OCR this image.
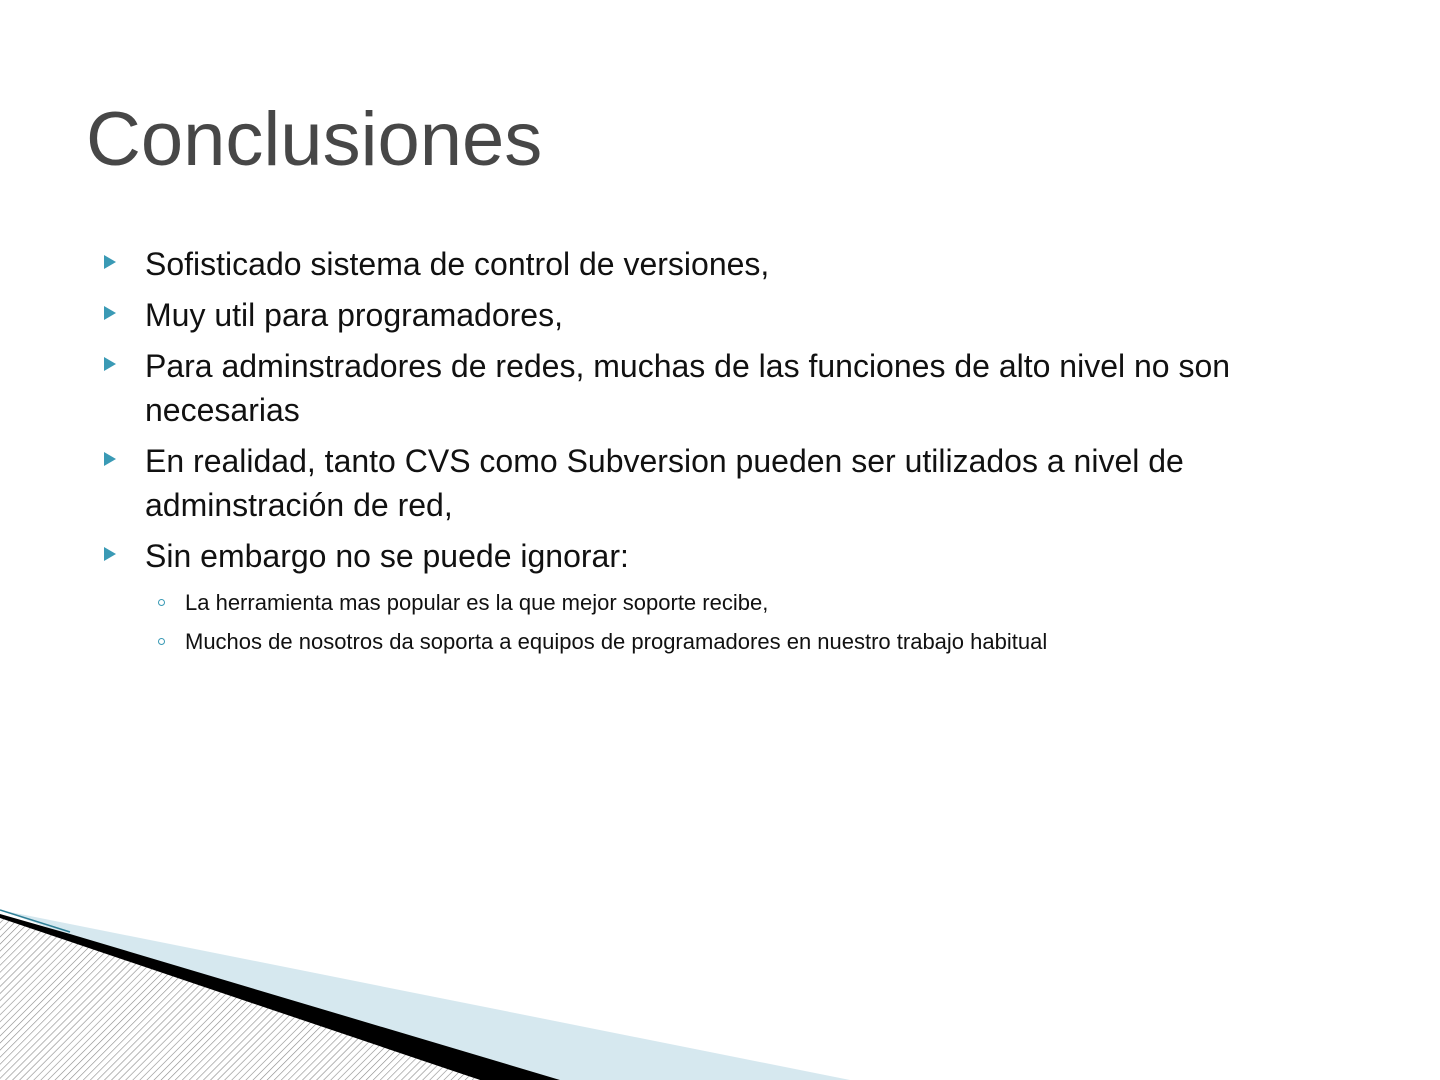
Conclusiones
Sofisticado sistema de control de versiones,
Muy util para programadores,
Para adminstradores de redes, muchas de las funciones de alto nivel no son necesarias
En realidad, tanto CVS como Subversion pueden ser utilizados a nivel de adminstración de red,
Sin embargo no se puede ignorar:
La herramienta mas popular es la que mejor soporte recibe,
Muchos de nosotros da soporta a equipos de programadores en nuestro trabajo habitual
